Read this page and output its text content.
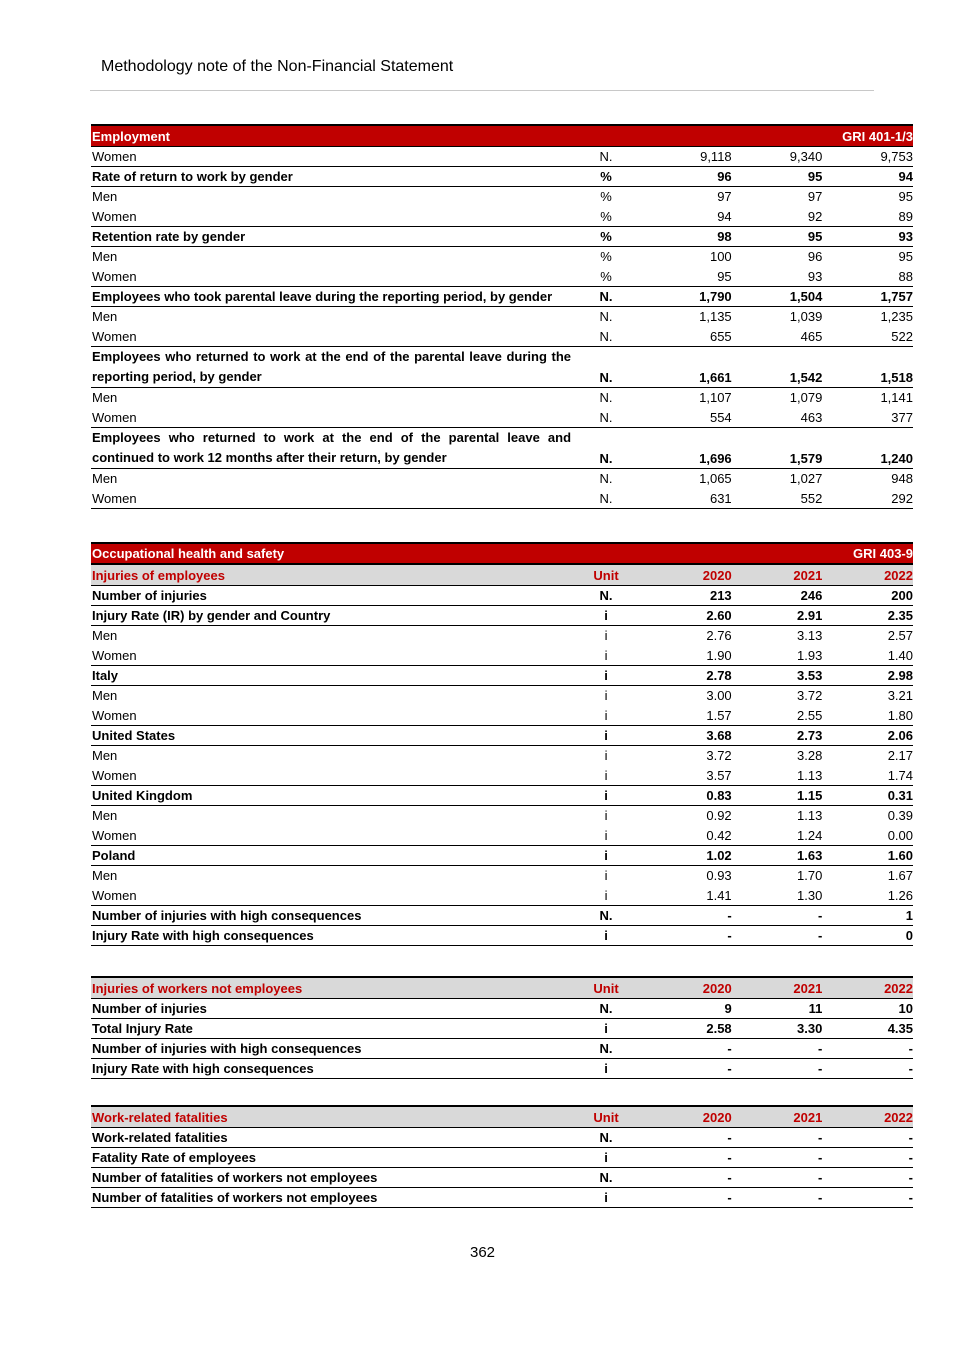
Methodology note of the Non-Financial Statement
Employment				GRI 401-1/3
Women	N.	9,118	9,340	9,753
Rate of return to work by gender	%	96	95	94
Men	%	97	97	95
Women	%	94	92	89
Retention rate by gender	%	98	95	93
Men	%	100	96	95
Women	%	95	93	88
Employees who took parental leave during the reporting period, by gender	N.	1,790	1,504	1,757
Men	N.	1,135	1,039	1,235
Women	N.	655	465	522
Employees who returned to work at the end of the parental leave during the reporting period, by gender	N.	1,661	1,542	1,518
Men	N.	1,107	1,079	1,141
Women	N.	554	463	377
Employees who returned to work at the end of the parental leave and continued to work 12 months after their return, by gender	N.	1,696	1,579	1,240
Men	N.	1,065	1,027	948
Women	N.	631	552	292
Occupational health and safety				GRI 403-9
Injuries of employees	Unit	2020	2021	2022
Number of injuries	N.	213	246	200
Injury Rate (IR) by gender and Country	i	2.60	2.91	2.35
Men	i	2.76	3.13	2.57
Women	i	1.90	1.93	1.40
Italy	i	2.78	3.53	2.98
Men	i	3.00	3.72	3.21
Women	i	1.57	2.55	1.80
United States	i	3.68	2.73	2.06
Men	i	3.72	3.28	2.17
Women	i	3.57	1.13	1.74
United Kingdom	i	0.83	1.15	0.31
Men	i	0.92	1.13	0.39
Women	i	0.42	1.24	0.00
Poland	i	1.02	1.63	1.60
Men	i	0.93	1.70	1.67
Women	i	1.41	1.30	1.26
Number of injuries with high consequences	N.	-	-	1
Injury Rate with high consequences	i	-	-	0
Injuries of workers not employees	Unit	2020	2021	2022
Number of injuries	N.	9	11	10
Total Injury Rate	i	2.58	3.30	4.35
Number of injuries with high consequences	N.	-	-	-
Injury Rate with high consequences	i	-	-	-
Work-related fatalities	Unit	2020	2021	2022
Work-related fatalities	N.	-	-	-
Fatality Rate of employees	i	-	-	-
Number of fatalities of workers not employees	N.	-	-	-
Number of fatalities of workers not employees	i	-	-	-
362
